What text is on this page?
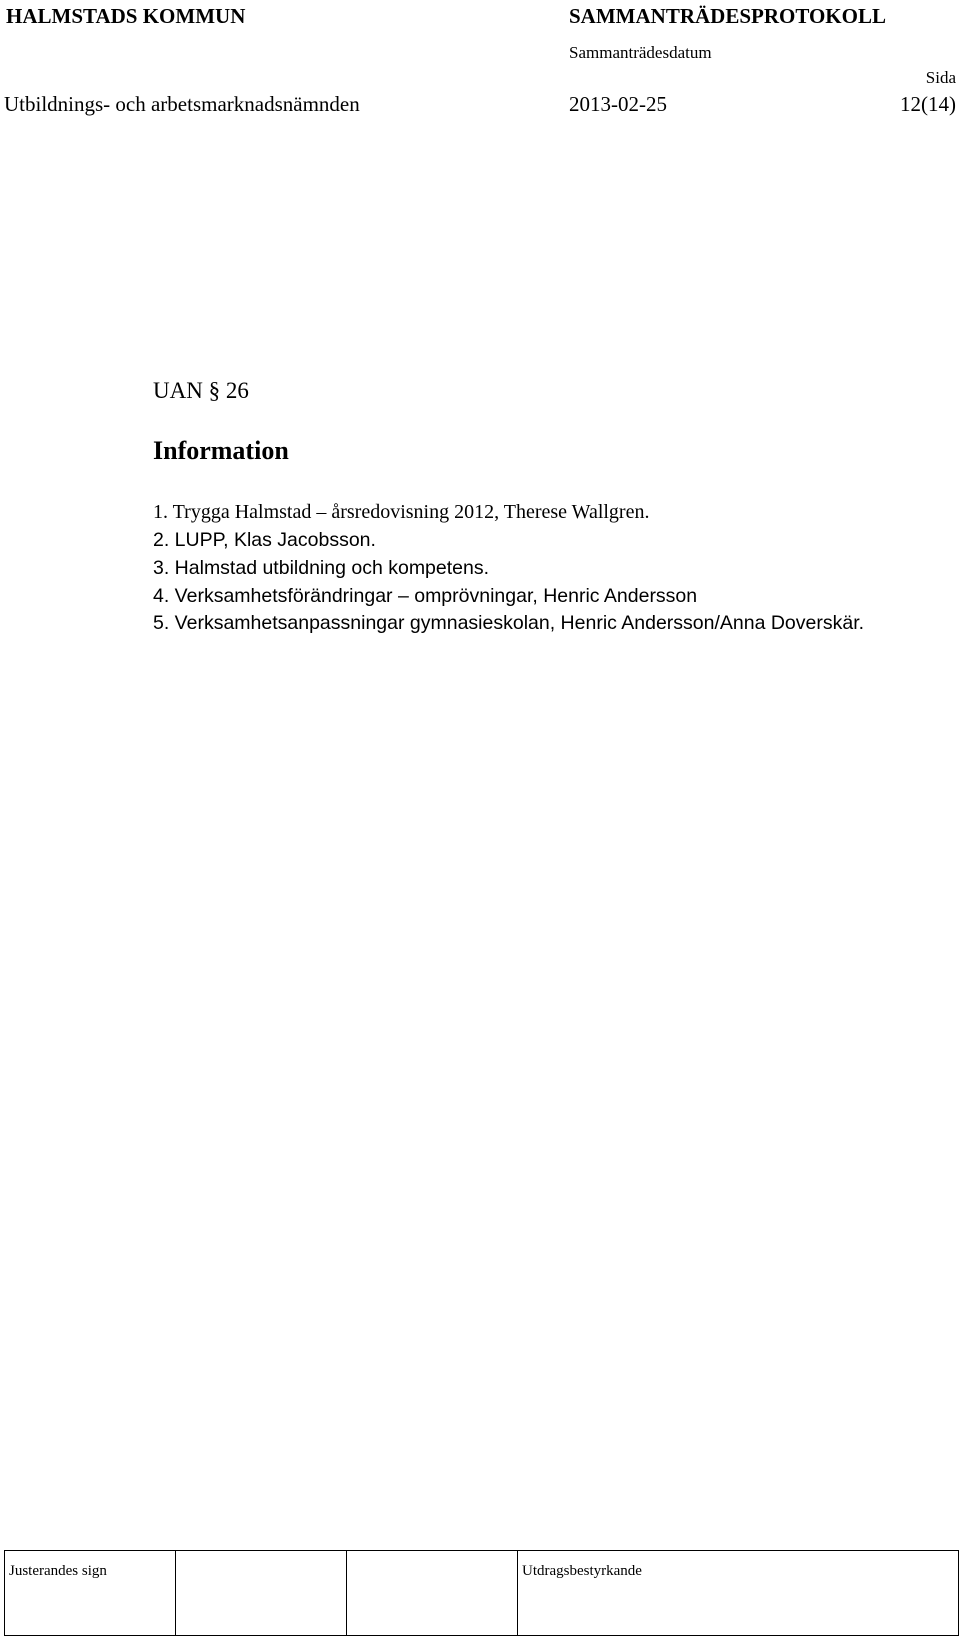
HALMSTADS KOMMUN	SAMMANTRÄDESPROTOKOLL
Sammanträdesdatum
Sida
Utbildnings- och arbetsmarknadsnämnden	2013-02-25	12(14)
UAN § 26
Information
1. Trygga Halmstad – årsredovisning 2012, Therese Wallgren.
2. LUPP, Klas Jacobsson.
3. Halmstad utbildning och kompetens.
4. Verksamhetsförändringar – omprövningar, Henric Andersson
5. Verksamhetsanpassningar gymnasieskolan, Henric Andersson/Anna Doverskär.
Justerandes sign			Utdragsbestyrkande
